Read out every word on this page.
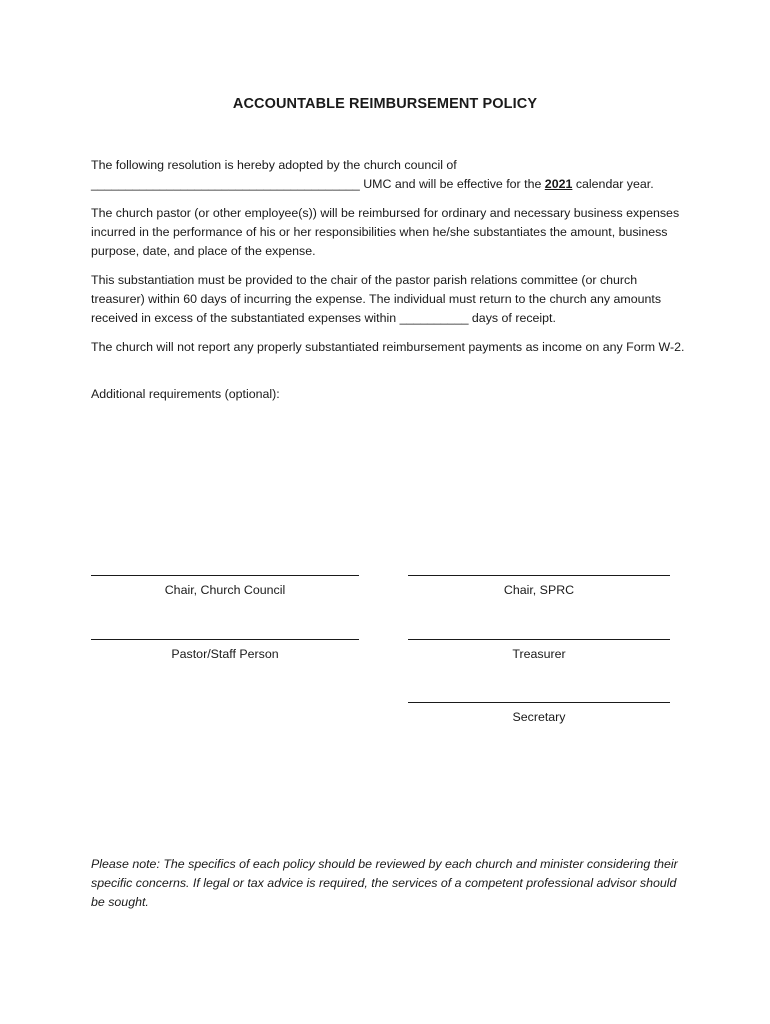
ACCOUNTABLE REIMBURSEMENT POLICY
The following resolution is hereby adopted by the church council of
_______________________________________ UMC and will be effective for the 2021 calendar year.
The church pastor (or other employee(s)) will be reimbursed for ordinary and necessary business expenses incurred in the performance of his or her responsibilities when he/she substantiates the amount, business purpose, date, and place of the expense.
This substantiation must be provided to the chair of the pastor parish relations committee (or church treasurer) within 60 days of incurring the expense. The individual must return to the church any amounts received in excess of the substantiated expenses within __________ days of receipt.
The church will not report any properly substantiated reimbursement payments as income on any Form W-2.
Additional requirements (optional):
Chair, Church Council	Chair, SPRC
Pastor/Staff Person	Treasurer
Secretary
Please note: The specifics of each policy should be reviewed by each church and minister considering their specific concerns. If legal or tax advice is required, the services of a competent professional advisor should be sought.
